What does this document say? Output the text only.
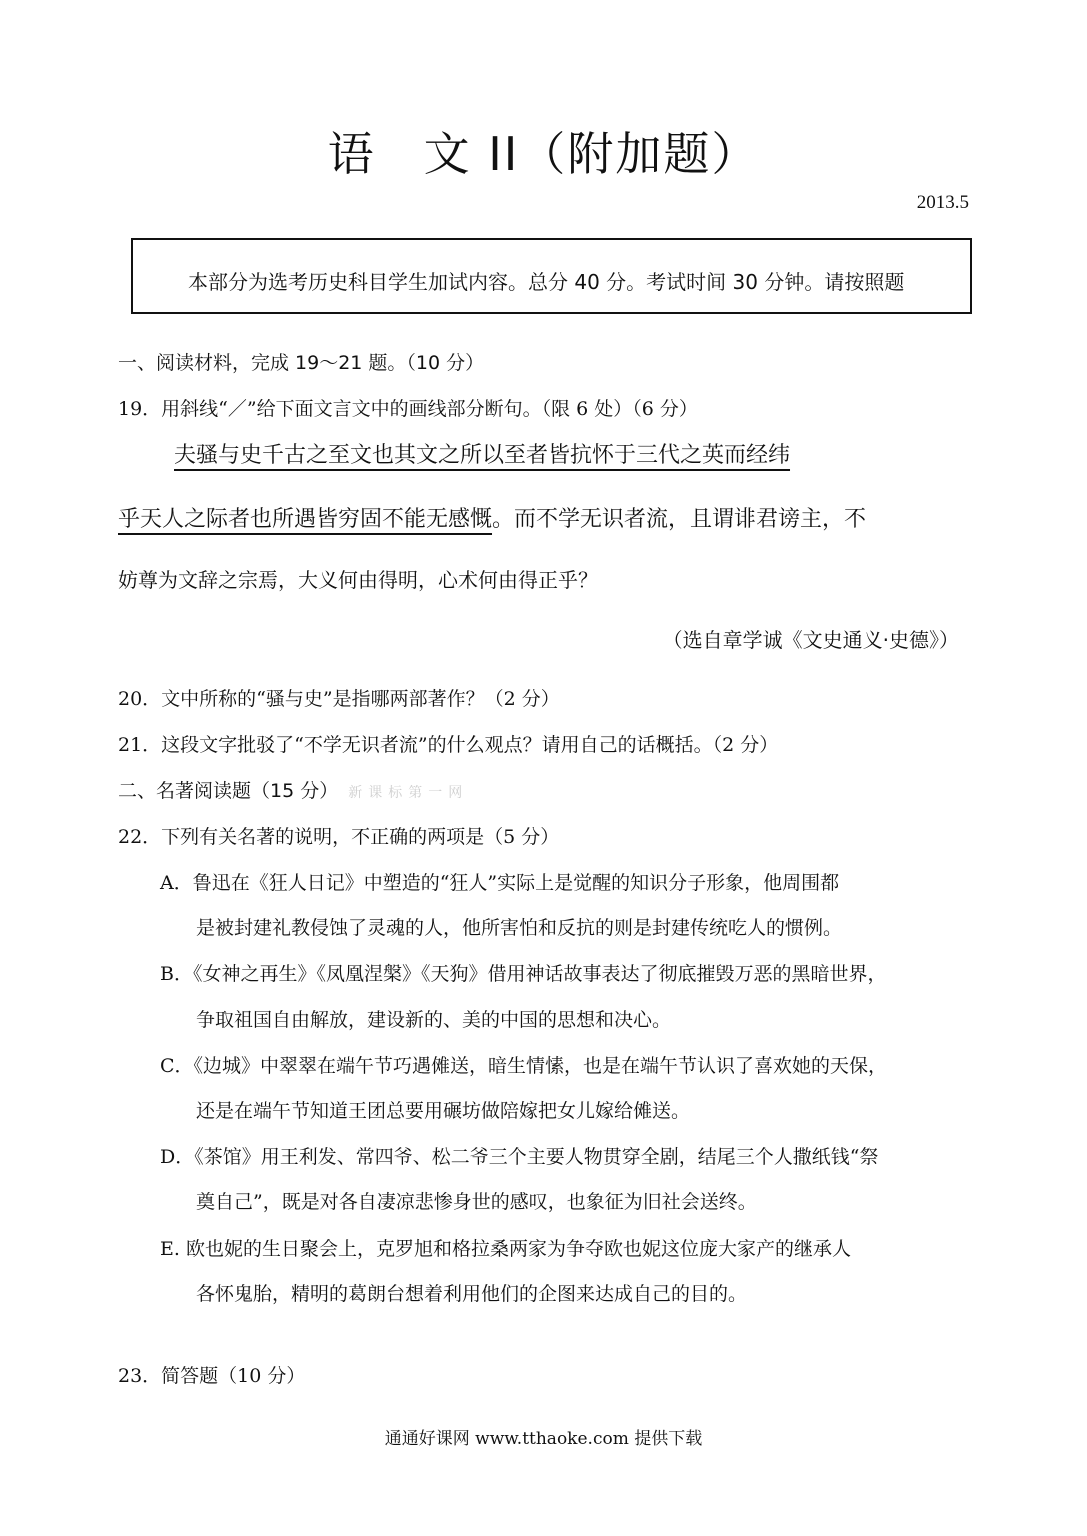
语　文 II（附加题）
2013.5
本部分为选考历史科目学生加试内容。总分 40 分。考试时间 30 分钟。请按照题
一、阅读材料，完成 19～21 题。（10 分）
19．用斜线“／”给下面文言文中的画线部分断句。（限 6 处）（6 分）
夫骚与史千古之至文也其文之所以至者皆抗怀于三代之英而经纬
乎天人之际者也所遇皆穷固不能无感慨。而不学无识者流，且谓诽君谤主，不
妨尊为文辞之宗焉，大义何由得明，心术何由得正乎？
（选自章学诚《文史通义·史德》）
20．文中所称的“骚与史”是指哪两部著作？（2 分）
21．这段文字批驳了“不学无识者流”的什么观点？请用自己的话概括。（2 分）
二、名著阅读题（15 分） 新课标第一网
22．下列有关名著的说明，不正确的两项是（5 分）
A．鲁迅在《狂人日记》中塑造的“狂人”实际上是觉醒的知识分子形象，他周围都
是被封建礼教侵蚀了灵魂的人，他所害怕和反抗的则是封建传统吃人的惯例。
B．《女神之再生》《凤凰涅槃》《天狗》借用神话故事表达了彻底摧毁万恶的黑暗世界，
争取祖国自由解放，建设新的、美的中国的思想和决心。
C．《边城》中翠翠在端午节巧遇傩送，暗生情愫，也是在端午节认识了喜欢她的天保，
还是在端午节知道王团总要用碾坊做陪嫁把女儿嫁给傩送。
D．《茶馆》用王利发、常四爷、松二爷三个主要人物贯穿全剧，结尾三个人撒纸钱“祭
奠自己”，既是对各自凄凉悲惨身世的感叹，也象征为旧社会送终。
E. 欧也妮的生日聚会上，克罗旭和格拉桑两家为争夺欧也妮这位庞大家产的继承人
各怀鬼胎，精明的葛朗台想着利用他们的企图来达成自己的目的。
23．简答题（10 分）
通通好课网 www.tthaoke.com 提供下载
